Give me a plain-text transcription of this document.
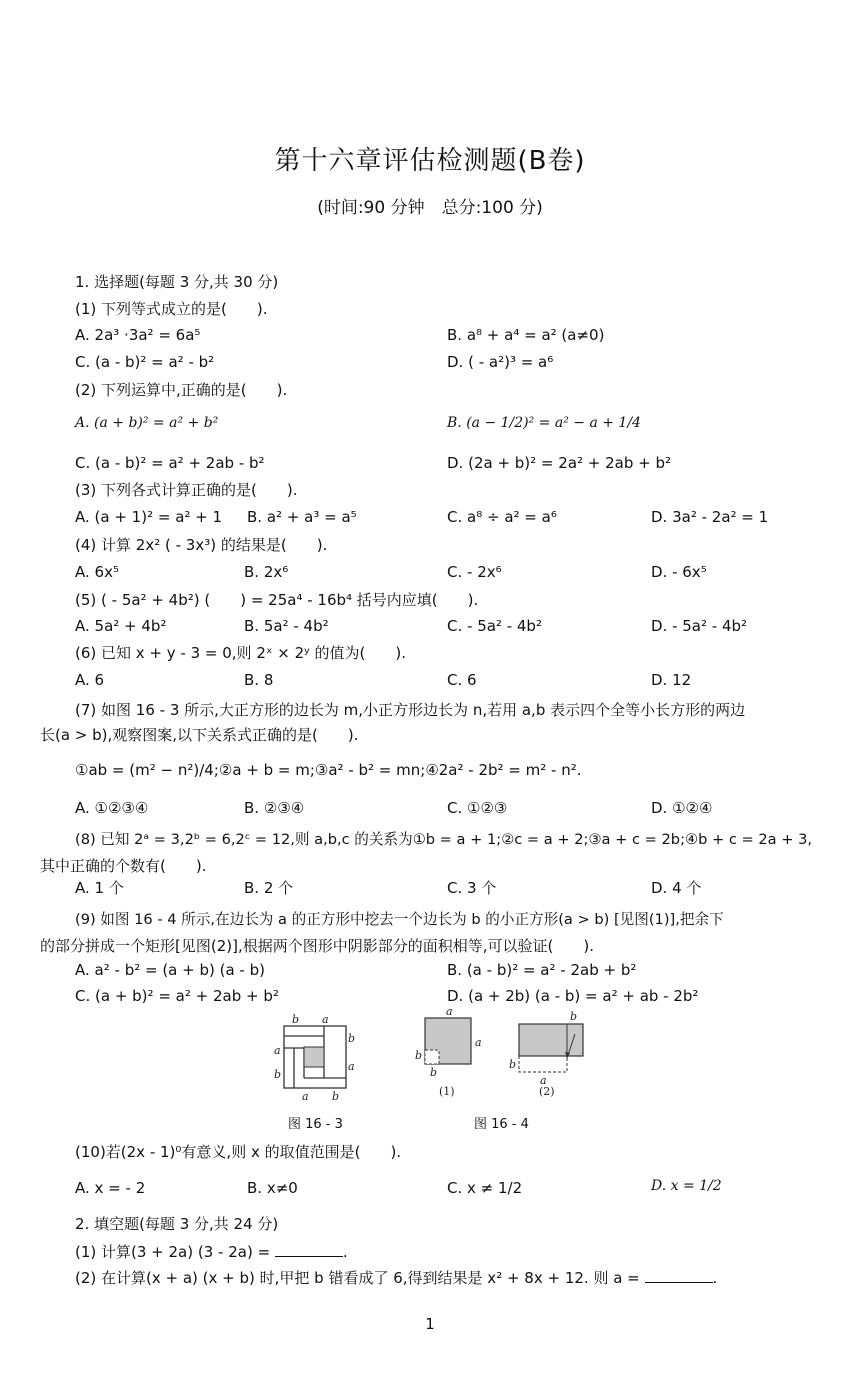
第十六章评估检测题(B卷)
(时间:90 分钟　总分:100 分)
1. 选择题(每题 3 分,共 30 分)
(1) 下列等式成立的是(　　).
A. 2a³ ·3a² = 6a⁵	B. a⁸ + a⁴ = a² (a≠0)
C. (a - b)² = a² - b²	D. ( - a²)³ = a⁶
(2) 下列运算中,正确的是(　　).
A. (a + b)² = a² + b²	B. (a − 1/2)² = a² − a + 1/4
C. (a - b)² = a² + 2ab - b²	D. (2a + b)² = 2a² + 2ab + b²
(3) 下列各式计算正确的是(　　).
A. (a + 1)² = a² + 1 B. a² + a³ = a⁵	C. a⁸ ÷ a² = a⁶	D. 3a² - 2a² = 1
(4) 计算 2x² ( - 3x³) 的结果是(　　).
A. 6x⁵	B. 2x⁶	C. - 2x⁶	D. - 6x⁵
(5) ( - 5a² + 4b²) (　　) = 25a⁴ - 16b⁴ 括号内应填(　　).
A. 5a² + 4b²	B. 5a² - 4b²	C. - 5a² - 4b²	D. - 5a² - 4b²
(6) 已知 x + y - 3 = 0,则 2ˣ × 2ʸ 的值为(　　).
A. 6	B. 8	C. 6	D. 12
(7) 如图 16 - 3 所示,大正方形的边长为 m,小正方形边长为 n,若用 a,b 表示四个全等小长方形的两边
长(a > b),观察图案,以下关系式正确的是(　　).
①ab = (m² − n²)/4;②a + b = m;③a² - b² = mn;④2a² - 2b² = m² - n².
A. ①②③④	B. ②③④	C. ①②③	D. ①②④
(8) 已知 2ᵃ = 3,2ᵇ = 6,2ᶜ = 12,则 a,b,c 的关系为①b = a + 1;②c = a + 2;③a + c = 2b;④b + c = 2a + 3,
其中正确的个数有(　　).
A. 1 个	B. 2 个	C. 3 个	D. 4 个
(9) 如图 16 - 4 所示,在边长为 a 的正方形中挖去一个边长为 b 的小正方形(a > b) [见图(1)],把余下
的部分拼成一个矩形[见图(2)],根据两个图形中阴影部分的面积相等,可以验证(　　).
A. a² - b² = (a + b) (a - b)	B. (a - b)² = a² - 2ab + b²
C. (a + b)² = a² + 2ab + b²	D. (a + 2b) (a - b) = a² + ab - 2b²
b a
a
b
b
a
a b
图 16 - 3
a
a
b
b
(1)
b
b
a
(2)
图 16 - 4
(10)若(2x - 1)⁰有意义,则 x 的取值范围是(　　).
A. x = - 2	B. x≠0	C. x ≠ 1/2	D. x = 1/2
2. 填空题(每题 3 分,共 24 分)
(1) 计算(3 + 2a) (3 - 2a) =	.
(2) 在计算(x + a) (x + b) 时,甲把 b 错看成了 6,得到结果是 x² + 8x + 12. 则 a =	.
1
